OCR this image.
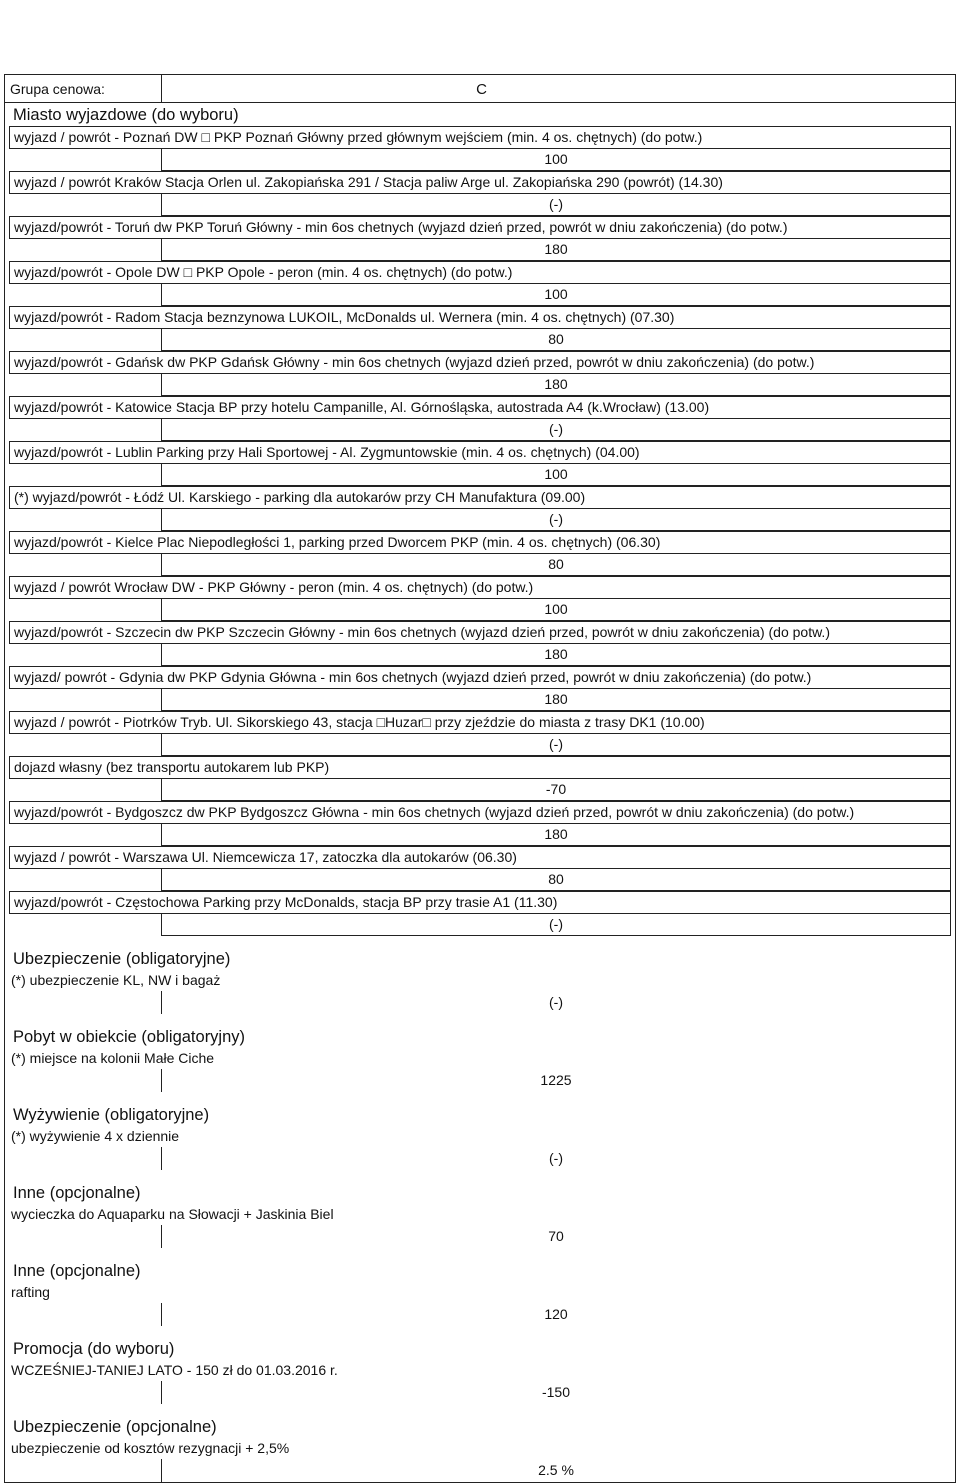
Grupa cenowa:	C
Miasto wyjazdowe (do wyboru)
wyjazd / powrót - Poznań DW □ PKP Poznań Główny przed głównym wejściem (min. 4 os. chętnych) (do potw.)
100
wyjazd / powrót Kraków Stacja Orlen ul. Zakopiańska 291 / Stacja paliw Arge ul. Zakopiańska 290 (powrót) (14.30)
(-)
wyjazd/powrót - Toruń dw PKP Toruń Główny - min 6os chetnych (wyjazd dzień przed, powrót w dniu zakończenia) (do potw.)
180
wyjazd/powrót - Opole DW □ PKP Opole - peron (min. 4 os. chętnych) (do potw.)
100
wyjazd/powrót - Radom Stacja beznzynowa LUKOIL, McDonalds ul. Wernera (min. 4 os. chętnych) (07.30)
80
wyjazd/powrót - Gdańsk dw PKP Gdańsk Główny - min 6os chetnych (wyjazd dzień przed, powrót w dniu zakończenia) (do potw.)
180
wyjazd/powrót - Katowice Stacja BP przy hotelu Campanille, Al. Górnośląska, autostrada A4 (k.Wrocław) (13.00)
(-)
wyjazd/powrót - Lublin Parking przy Hali Sportowej - Al. Zygmuntowskie (min. 4 os. chętnych) (04.00)
100
(*) wyjazd/powrót - Łódź Ul. Karskiego - parking dla autokarów przy CH Manufaktura (09.00)
(-)
wyjazd/powrót - Kielce Plac Niepodległości 1, parking przed Dworcem PKP (min. 4 os. chętnych) (06.30)
80
wyjazd / powrót Wrocław DW - PKP Główny - peron (min. 4 os. chętnych) (do potw.)
100
wyjazd/powrót - Szczecin dw PKP Szczecin Główny - min 6os chetnych (wyjazd dzień przed, powrót w dniu zakończenia) (do potw.)
180
wyjazd/ powrót - Gdynia dw PKP Gdynia Główna - min 6os chetnych (wyjazd dzień przed, powrót w dniu zakończenia) (do potw.)
180
wyjazd / powrót - Piotrków Tryb. Ul. Sikorskiego 43, stacja □Huzar□ przy zjeździe do miasta z trasy DK1 (10.00)
(-)
dojazd własny (bez transportu autokarem lub PKP)
-70
wyjazd/powrót - Bydgoszcz dw PKP Bydgoszcz Główna - min 6os chetnych (wyjazd dzień przed, powrót w dniu zakończenia) (do potw.)
180
wyjazd / powrót - Warszawa Ul. Niemcewicza 17, zatoczka dla autokarów (06.30)
80
wyjazd/powrót - Częstochowa Parking przy McDonalds, stacja BP przy trasie A1 (11.30)
(-)
Ubezpieczenie (obligatoryjne)
(*) ubezpieczenie KL, NW i bagaż
(-)
Pobyt w obiekcie (obligatoryjny)
(*) miejsce na kolonii Małe Ciche
1225
Wyżywienie (obligatoryjne)
(*) wyżywienie 4 x dziennie
(-)
Inne (opcjonalne)
wycieczka do Aquaparku na Słowacji + Jaskinia Biel
70
Inne (opcjonalne)
rafting
120
Promocja (do wyboru)
WCZEŚNIEJ-TANIEJ LATO - 150 zł do 01.03.2016 r.
-150
Ubezpieczenie (opcjonalne)
ubezpieczenie od kosztów rezygnacji + 2,5%
2.5 %
